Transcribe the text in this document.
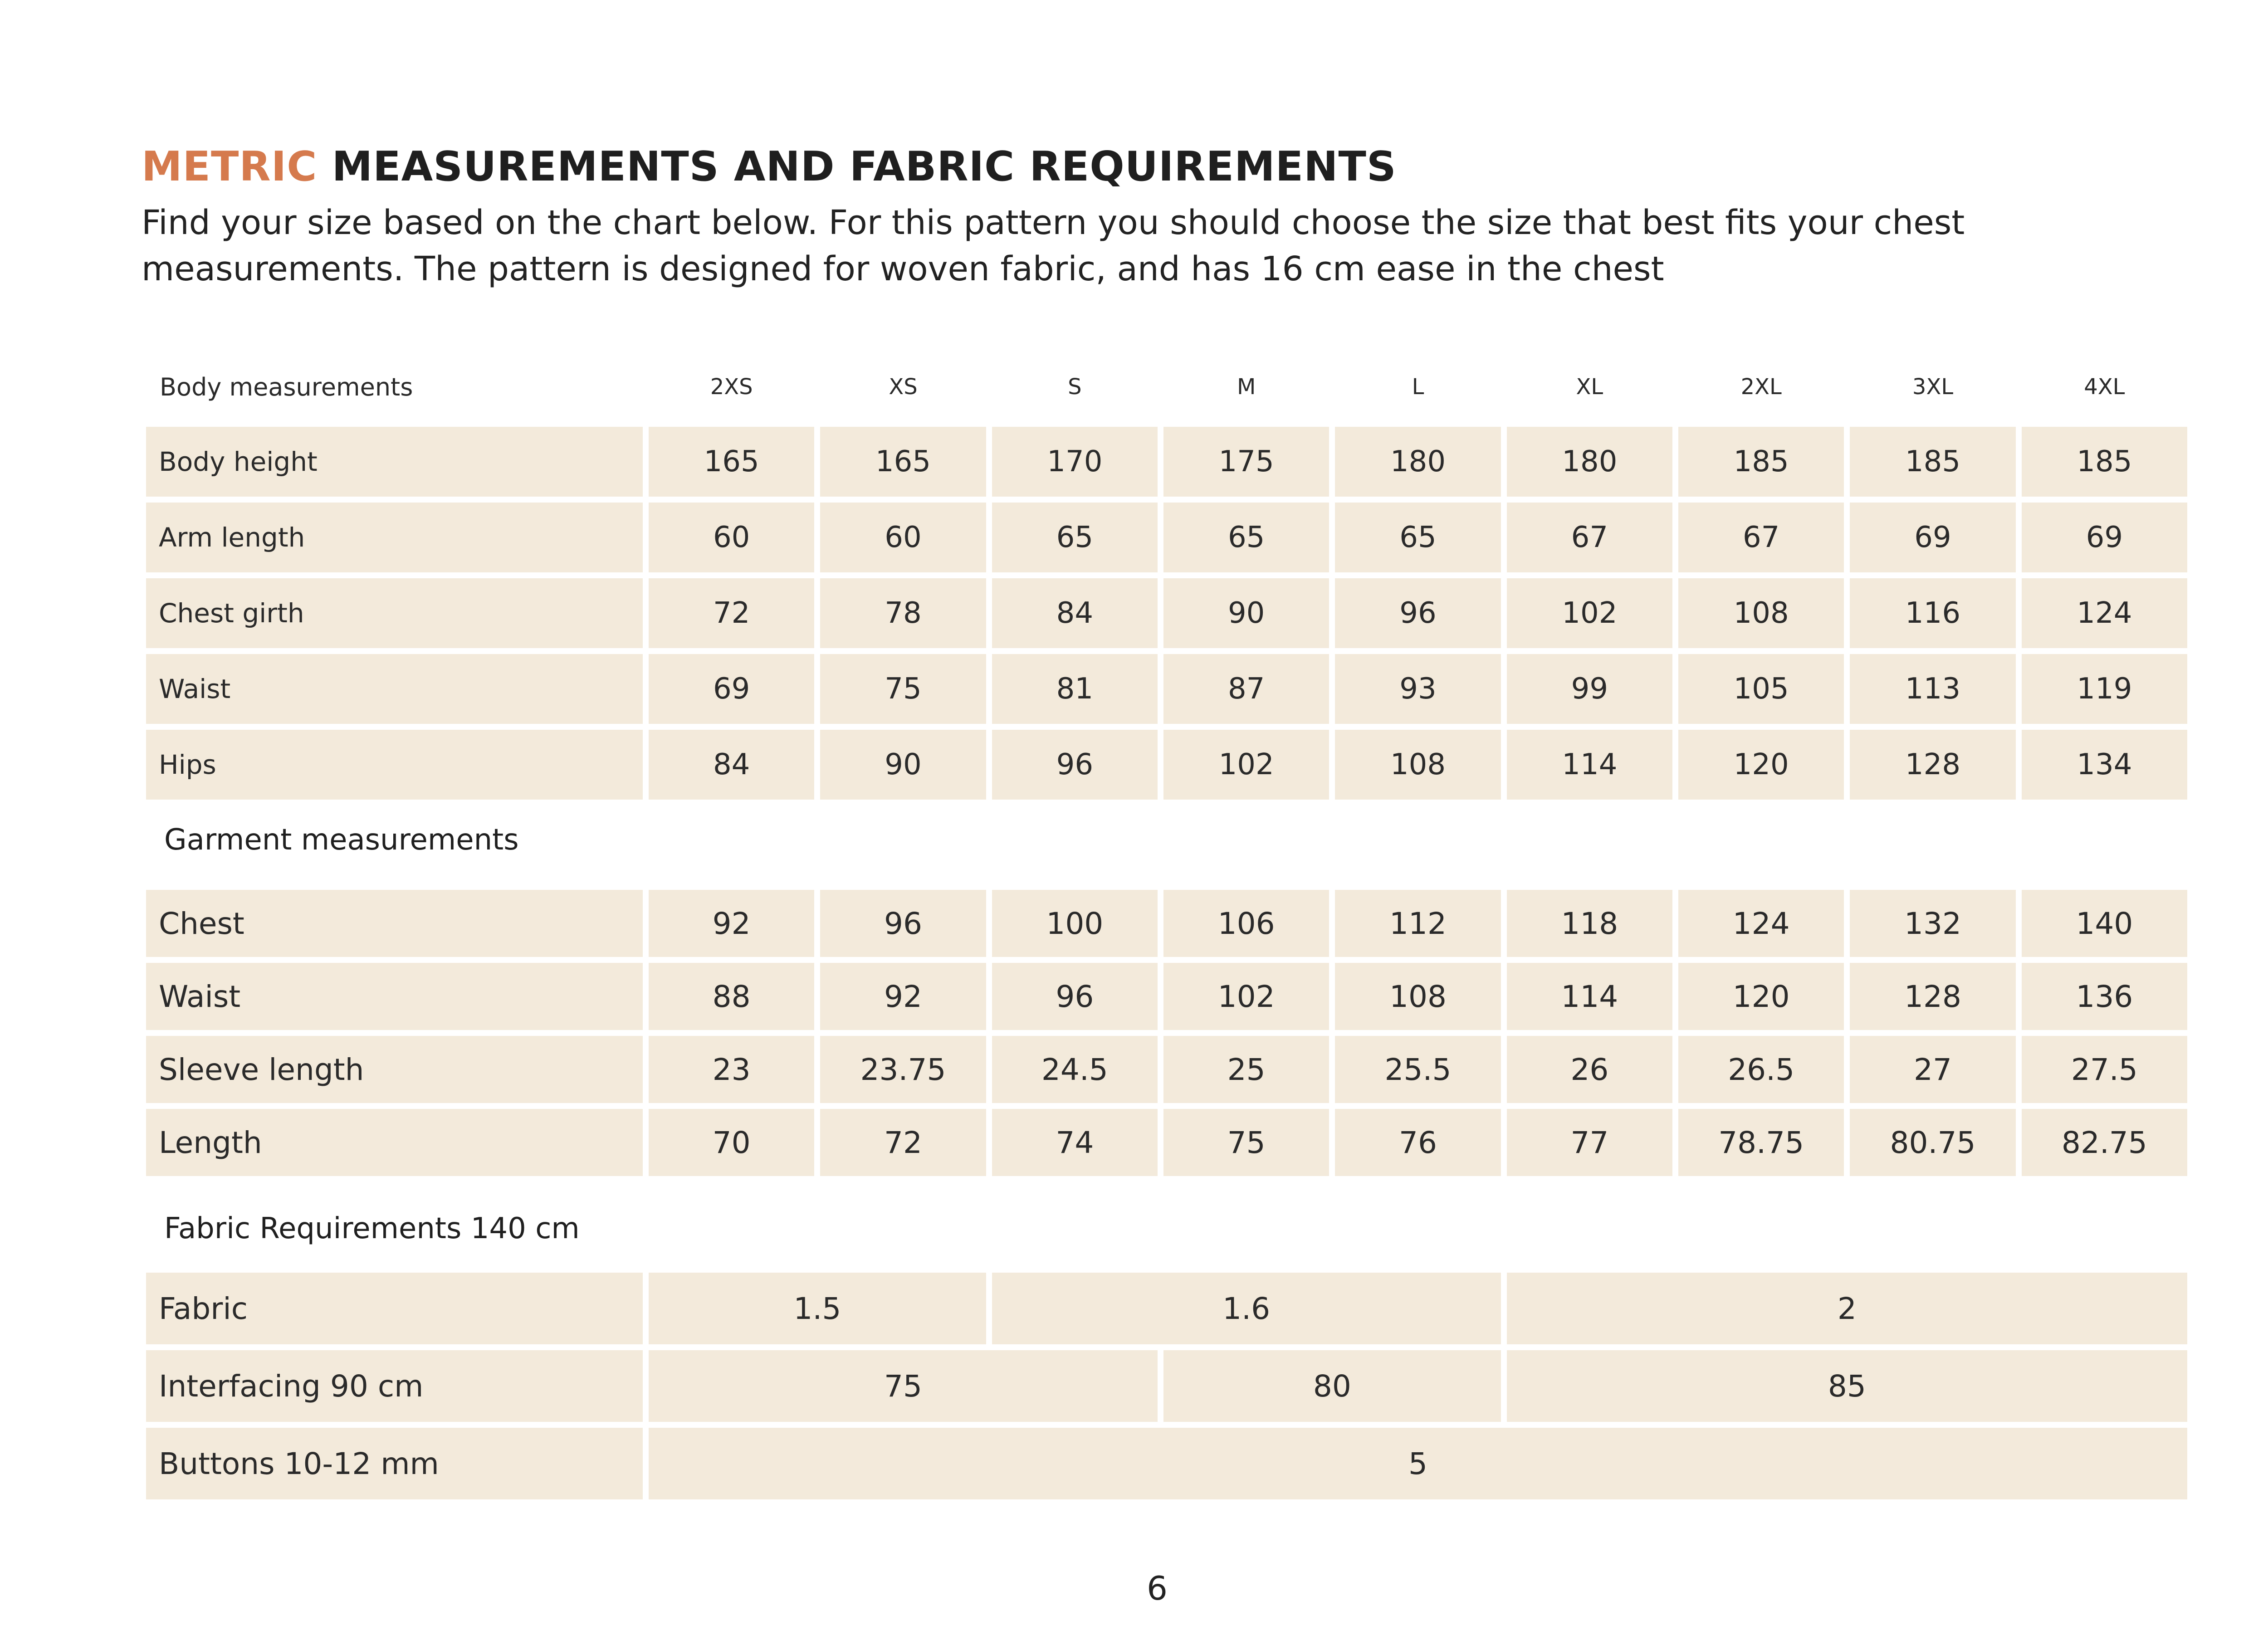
METRIC MEASUREMENTS AND FABRIC REQUIREMENTS

Find your size based on the chart below. For this pattern you should choose the size that best fits your chest measurements. The pattern is designed for woven fabric, and has 16 cm ease in the chest

Body measurements	2XS	XS	S	M	L	XL	2XL	3XL	4XL
Body height	165	165	170	175	180	180	185	185	185
Arm length	60	60	65	65	65	67	67	69	69
Chest girth	72	78	84	90	96	102	108	116	124
Waist	69	75	81	87	93	99	105	113	119
Hips	84	90	96	102	108	114	120	128	134
Garment measurements
Chest	92	96	100	106	112	118	124	132	140
Waist	88	92	96	102	108	114	120	128	136
Sleeve length	23	23.75	24.5	25	25.5	26	26.5	27	27.5
Length	70	72	74	75	76	77	78.75	80.75	82.75
Fabric Requirements 140 cm
Fabric	1.5	1.6	2
Interfacing 90 cm	75	80	85
Buttons 10-12 mm	5
6
